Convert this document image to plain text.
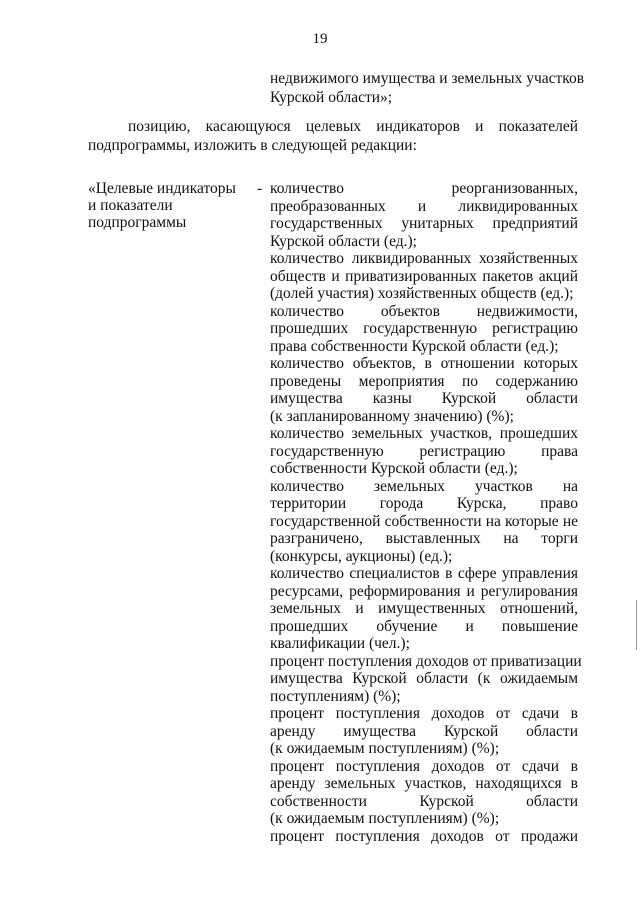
19
недвижимого имущества и земельных участков
Курской области»;
позицию, касающуюся целевых индикаторов и показателей
подпрограммы, изложить в следующей редакции:
«Целевые индикаторы
и показатели
подпрограммы
- количество реорганизованных,
преобразованных и ликвидированных
государственных унитарных предприятий
Курской области (ед.);
количество ликвидированных хозяйственных
обществ и приватизированных пакетов акций
(долей участия) хозяйственных обществ (ед.);
количество объектов недвижимости,
прошедших государственную регистрацию
права собственности Курской области (ед.);
количество объектов, в отношении которых
проведены мероприятия по содержанию
имущества казны Курской области
(к запланированному значению) (%);
количество земельных участков, прошедших
государственную регистрацию права
собственности Курской области (ед.);
количество земельных участков на
территории города Курска, право
государственной собственности на которые не
разграничено, выставленных на торги
(конкурсы, аукционы) (ед.);
количество специалистов в сфере управления
ресурсами, реформирования и регулирования
земельных и имущественных отношений,
прошедших обучение и повышение
квалификации (чел.);
процент поступления доходов от приватизации
имущества Курской области (к ожидаемым
поступлениям) (%);
процент поступления доходов от сдачи в
аренду имущества Курской области
(к ожидаемым поступлениям) (%);
процент поступления доходов от сдачи в
аренду земельных участков, находящихся в
собственности Курской области
(к ожидаемым поступлениям) (%);
процент поступления доходов от продажи
